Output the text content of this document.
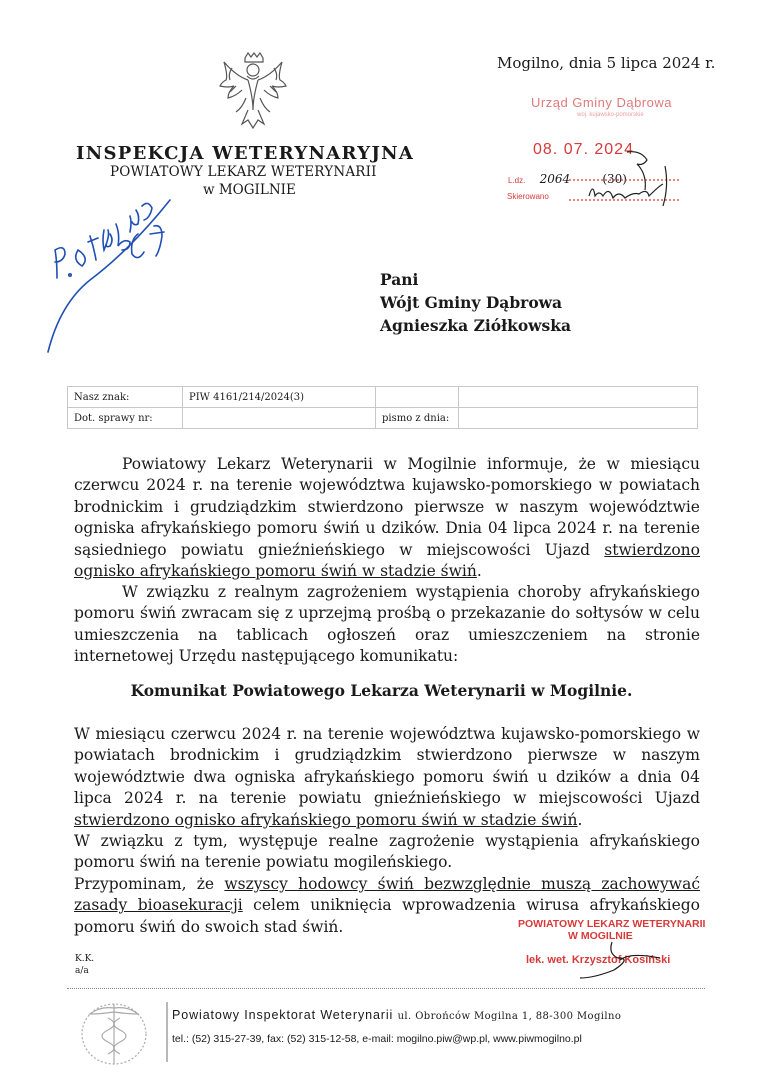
Mogilno, dnia 5 lipca 2024 r.
INSPEKCJA WETERYNARYJNA
POWIATOWY LEKARZ WETERYNARII
w MOGILNIE
Urząd Gminy Dąbrowa
woj. kujawsko-pomorskie
08. 07. 2024
L.dz. 2064	(30)
Skierowano
Pani
Wójt Gminy Dąbrowa
Agnieszka Ziółkowska
Nasz znak:	PIW 4161/214/2024(3)		
Dot. sprawy nr:		pismo z dnia:	
Powiatowy Lekarz Weterynarii w Mogilnie informuje, że w miesiącu czerwcu 2024 r. na terenie województwa kujawsko-pomorskiego w powiatach brodnickim i grudziądzkim stwierdzono pierwsze w naszym województwie ogniska afrykańskiego pomoru świń u dzików. Dnia 04 lipca 2024 r. na terenie sąsiedniego powiatu gnieźnieńskiego w miejscowości Ujazd stwierdzono ognisko afrykańskiego pomoru świń w stadzie świń.
W związku z realnym zagrożeniem wystąpienia choroby afrykańskiego pomoru świń zwracam się z uprzejmą prośbą o przekazanie do sołtysów w celu umieszczenia na tablicach ogłoszeń oraz umieszczeniem na stronie internetowej Urzędu następującego komunikatu:
Komunikat Powiatowego Lekarza Weterynarii w Mogilnie.
W miesiącu czerwcu 2024 r. na terenie województwa kujawsko-pomorskiego w powiatach brodnickim i grudziądzkim stwierdzono pierwsze w naszym województwie dwa ogniska afrykańskiego pomoru świń u dzików a dnia 04 lipca 2024 r. na terenie powiatu gnieźnieńskiego w miejscowości Ujazd stwierdzono ognisko afrykańskiego pomoru świń w stadzie świń.
W związku z tym, występuje realne zagrożenie wystąpienia afrykańskiego pomoru świń na terenie powiatu mogileńskiego.
Przypominam, że wszyscy hodowcy świń bezwzględnie muszą zachowywać zasady bioasekuracji celem uniknięcia wprowadzenia wirusa afrykańskiego pomoru świń do swoich stad świń.	POWIATOWY LEKARZ WETERYNARII
W MOGILNIE
lek. wet. Krzysztof Kosiński
K.K.
a/a
Powiatowy Inspektorat Weterynarii ul. Obrońców Mogilna 1, 88-300 Mogilno
tel.: (52) 315-27-39, fax: (52) 315-12-58, e-mail: mogilno.piw@wp.pl, www.piwmogilno.pl
